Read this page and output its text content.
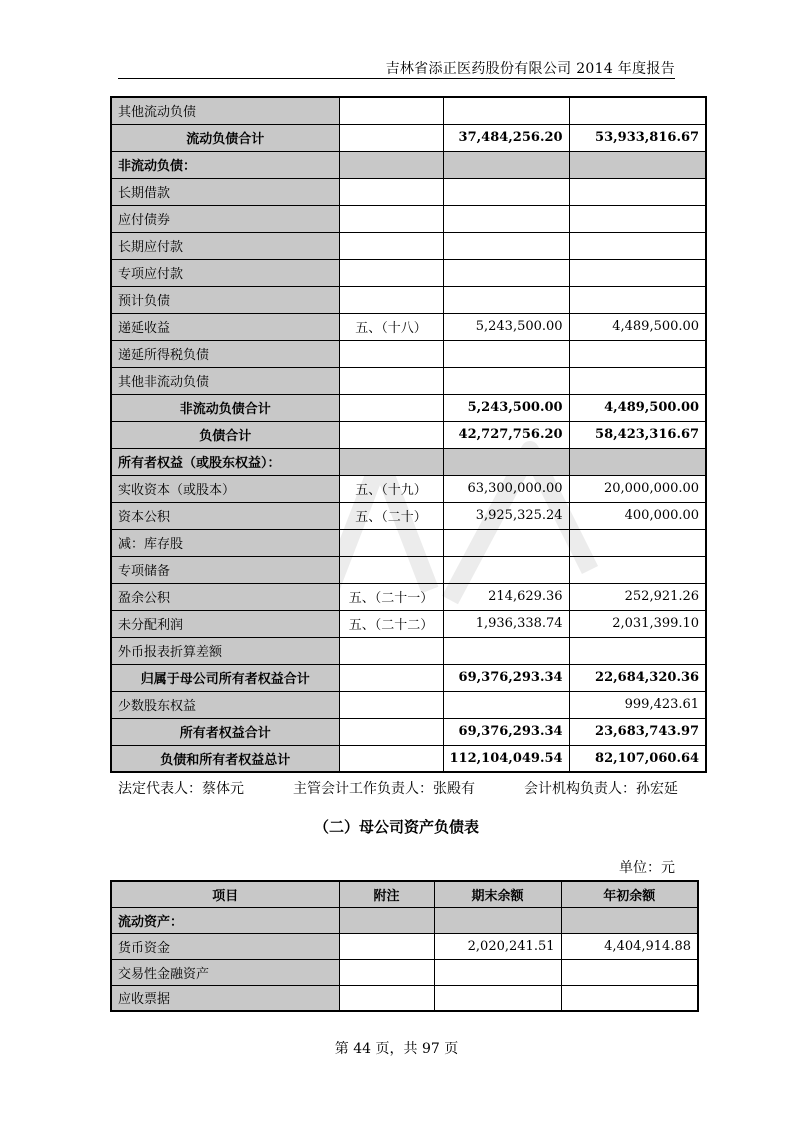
吉林省添正医药股份有限公司 2014 年度报告
其他流动负债			
流动负债合计		37,484,256.20	53,933,816.67
非流动负债：			
长期借款			
应付债券			
长期应付款			
专项应付款			
预计负债			
递延收益	五、（十八）	5,243,500.00	4,489,500.00
递延所得税负债			
其他非流动负债			
非流动负债合计		5,243,500.00	4,489,500.00
负债合计		42,727,756.20	58,423,316.67
所有者权益（或股东权益）：			
实收资本（或股本）	五、（十九）	63,300,000.00	20,000,000.00
资本公积	五、（二十）	3,925,325.24	400,000.00
减：库存股			
专项储备			
盈余公积	五、（二十一）	214,629.36	252,921.26
未分配利润	五、（二十二）	1,936,338.74	2,031,399.10
外币报表折算差额			
归属于母公司所有者权益合计		69,376,293.34	22,684,320.36
少数股东权益			999,423.61
所有者权益合计		69,376,293.34	23,683,743.97
负债和所有者权益总计		112,104,049.54	82,107,060.64
法定代表人：蔡体元	主管会计工作负责人：张殿有	会计机构负责人：孙宏延
（二）母公司资产负债表
单位：元
项目	附注	期末余额	年初余额
流动资产：			
货币资金		2,020,241.51	4,404,914.88
交易性金融资产			
应收票据			
第 44 页，共 97 页
